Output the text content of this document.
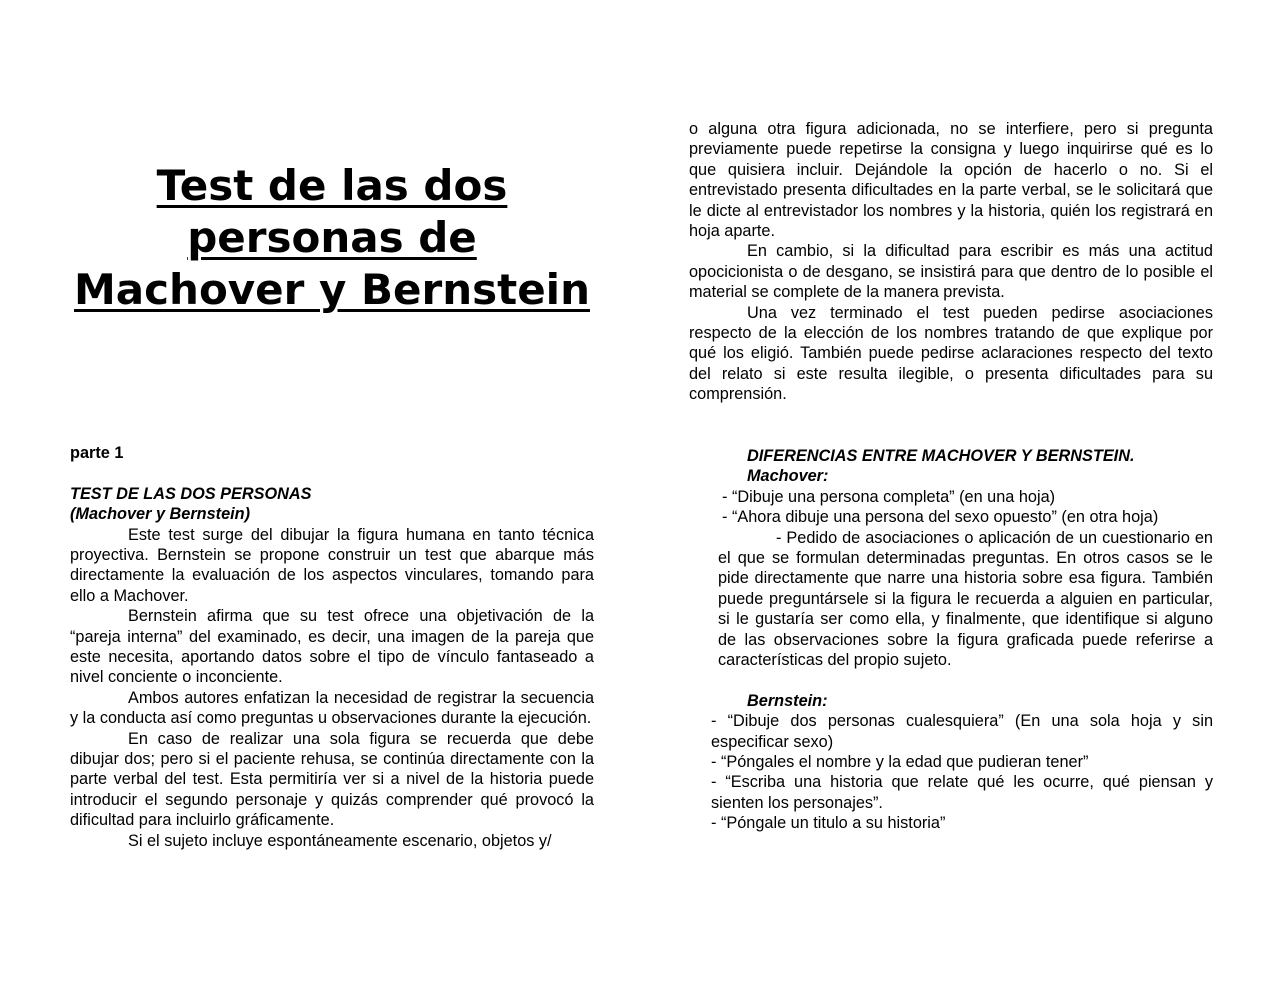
Test de las dos personas de Machover y Bernstein

parte 1

TEST DE LAS DOS PERSONAS

(Machover y Bernstein)

Este test surge del dibujar la figura humana en tanto técnica proyectiva. Bernstein se propone construir un test que abarque más directamente la evaluación de los aspectos vinculares, tomando para ello a Machover.

Bernstein afirma que su test ofrece una objetivación de la “pareja interna” del examinado, es decir, una imagen de la pareja que este necesita, aportando datos sobre el tipo de vínculo fantaseado a nivel conciente o inconciente.

Ambos autores enfatizan la necesidad de registrar la secuencia y la conducta así como preguntas u observaciones durante la ejecución.

En caso de realizar una sola figura se recuerda que debe dibujar dos; pero si el paciente rehusa, se continúa directamente con la parte verbal del test. Esta permitiría ver si a nivel de la historia puede introducir el segundo personaje y quizás comprender qué provocó la dificultad para incluirlo gráficamente.

Si el sujeto incluye espontáneamente escenario, objetos y/

o alguna otra figura adicionada, no se interfiere, pero si pregunta previamente puede repetirse la consigna y luego inquirirse qué es lo que quisiera incluir. Dejándole la opción de hacerlo o no. Si el entrevistado presenta dificultades en la parte verbal, se le solicitará que le dicte al entrevistador los nombres y la historia, quién los registrará en hoja aparte.

En cambio, si la dificultad para escribir es más una actitud opocicionista o de desgano, se insistirá para que dentro de lo posible el material se complete de la manera prevista.

Una vez terminado el test pueden pedirse asociaciones respecto de la elección de los nombres tratando de que explique por qué los eligió. También puede pedirse aclaraciones respecto del texto del relato si este resulta ilegible, o presenta dificultades para su comprensión.

DIFERENCIAS ENTRE MACHOVER Y BERNSTEIN.

Machover:

- “Dibuje una persona completa” (en una hoja)

- “Ahora dibuje una persona del sexo opuesto” (en otra hoja)

- Pedido de asociaciones o aplicación de un cuestionario en el que se formulan determinadas preguntas. En otros casos se le pide directamente que narre una historia sobre esa figura. También puede preguntársele si la figura le recuerda a alguien en particular, si le gustaría ser como ella, y finalmente, que identifique si alguno de las observaciones sobre la figura graficada puede referirse a características del propio sujeto.

Bernstein:

- “Dibuje dos personas cualesquiera” (En una sola hoja y sin especificar sexo)

- “Póngales el nombre y la edad que pudieran tener”

- “Escriba una historia que relate qué les ocurre, qué piensan y sienten los personajes”.

- “Póngale un titulo a su historia”
